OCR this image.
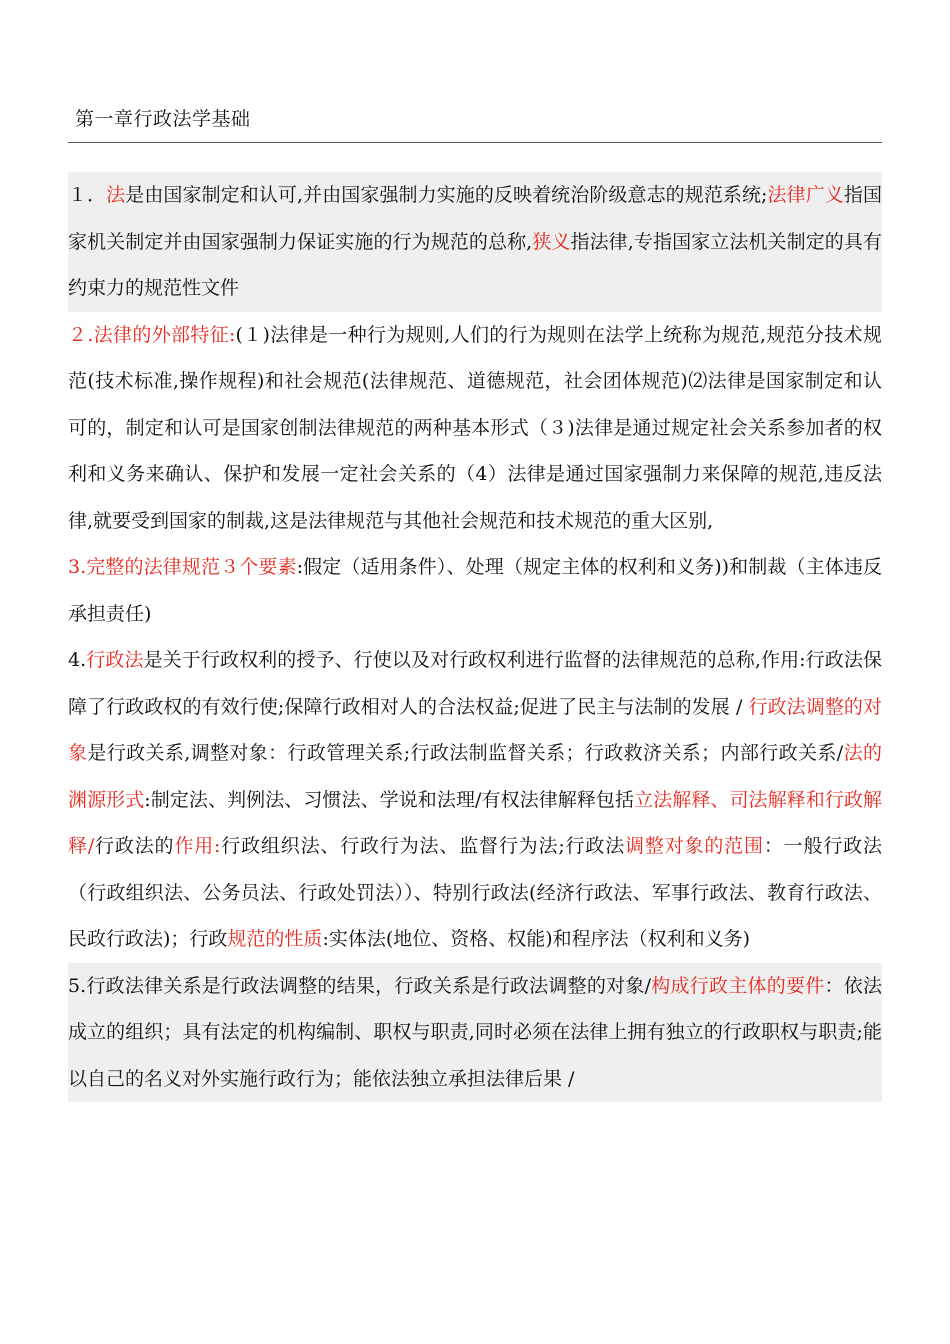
第一章行政法学基础

１．法是由国家制定和认可,并由国家强制力实施的反映着统治阶级意志的规范系统;法律广义指国家机关制定并由国家强制力保证实施的行为规范的总称,狭义指法律,专指国家立法机关制定的具有约束力的规范性文件

２.法律的外部特征:(１)法律是一种行为规则,人们的行为规则在法学上统称为规范,规范分技术规范(技术标准,操作规程)和社会规范(法律规范、道德规范，社会团体规范)⑵法律是国家制定和认可的，制定和认可是国家创制法律规范的两种基本形式（３)法律是通过规定社会关系参加者的权利和义务来确认、保护和发展一定社会关系的（4）法律是通过国家强制力来保障的规范,违反法律,就要受到国家的制裁,这是法律规范与其他社会规范和技术规范的重大区别,

3.完整的法律规范３个要素:假定（适用条件）、处理（规定主体的权利和义务))和制裁（主体违反承担责任)

4.行政法是关于行政权利的授予、行使以及对行政权利进行监督的法律规范的总称,作用:行政法保障了行政政权的有效行使;保障行政相对人的合法权益;促进了民主与法制的发展 / 行政法调整的对象是行政关系,调整对象：行政管理关系;行政法制监督关系；行政救济关系；内部行政关系/法的渊源形式:制定法、判例法、习惯法、学说和法理/有权法律解释包括立法解释、司法解释和行政解释/行政法的作用:行政组织法、行政行为法、监督行为法;行政法调整对象的范围：一般行政法（行政组织法、公务员法、行政处罚法））、特别行政法(经济行政法、军事行政法、教育行政法、民政行政法)；行政规范的性质:实体法(地位、资格、权能)和程序法（权利和义务)

5.行政法律关系是行政法调整的结果，行政关系是行政法调整的对象/构成行政主体的要件：依法成立的组织；具有法定的机构编制、职权与职责,同时必须在法律上拥有独立的行政职权与职责;能以自己的名义对外实施行政行为；能依法独立承担法律后果 /
